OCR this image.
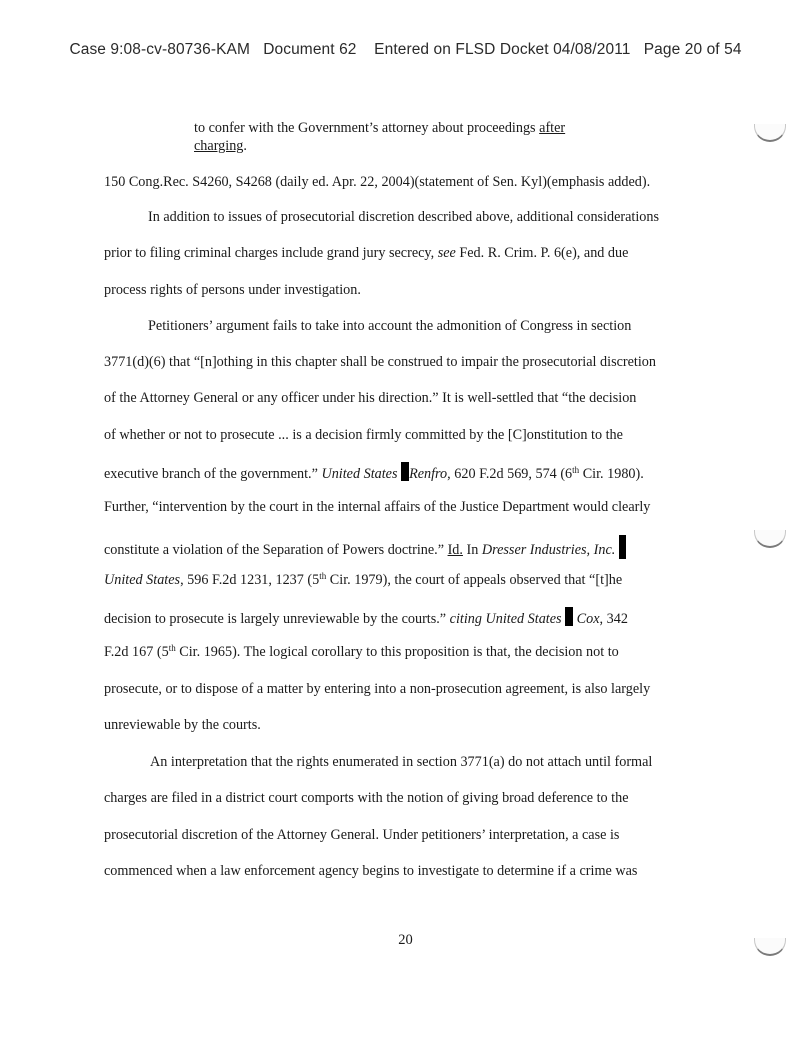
Case 9:08-cv-80736-KAM Document 62 Entered on FLSD Docket 04/08/2011 Page 20 of 54
to confer with the Government’s attorney about proceedings after
charging.
150 Cong.Rec. S4260, S4268 (daily ed. Apr. 22, 2004)(statement of Sen. Kyl)(emphasis added).
In addition to issues of prosecutorial discretion described above, additional considerations
prior to filing criminal charges include grand jury secrecy, see Fed. R. Crim. P. 6(e), and due
process rights of persons under investigation.
Petitioners’ argument fails to take into account the admonition of Congress in section
3771(d)(6) that “[n]othing in this chapter shall be construed to impair the prosecutorial discretion
of the Attorney General or any officer under his direction.” It is well-settled that “the decision
of whether or not to prosecute ... is a decision firmly committed by the [C]onstitution to the
executive branch of the government.” United States Renfro, 620 F.2d 569, 574 (6th Cir. 1980).
Further, “intervention by the court in the internal affairs of the Justice Department would clearly
constitute a violation of the Separation of Powers doctrine.” Id. In Dresser Industries, Inc.
United States, 596 F.2d 1231, 1237 (5th Cir. 1979), the court of appeals observed that “[t]he
decision to prosecute is largely unreviewable by the courts.” citing United States Cox, 342
F.2d 167 (5th Cir. 1965). The logical corollary to this proposition is that, the decision not to
prosecute, or to dispose of a matter by entering into a non-prosecution agreement, is also largely
unreviewable by the courts.
An interpretation that the rights enumerated in section 3771(a) do not attach until formal
charges are filed in a district court comports with the notion of giving broad deference to the
prosecutorial discretion of the Attorney General. Under petitioners’ interpretation, a case is
commenced when a law enforcement agency begins to investigate to determine if a crime was
20
